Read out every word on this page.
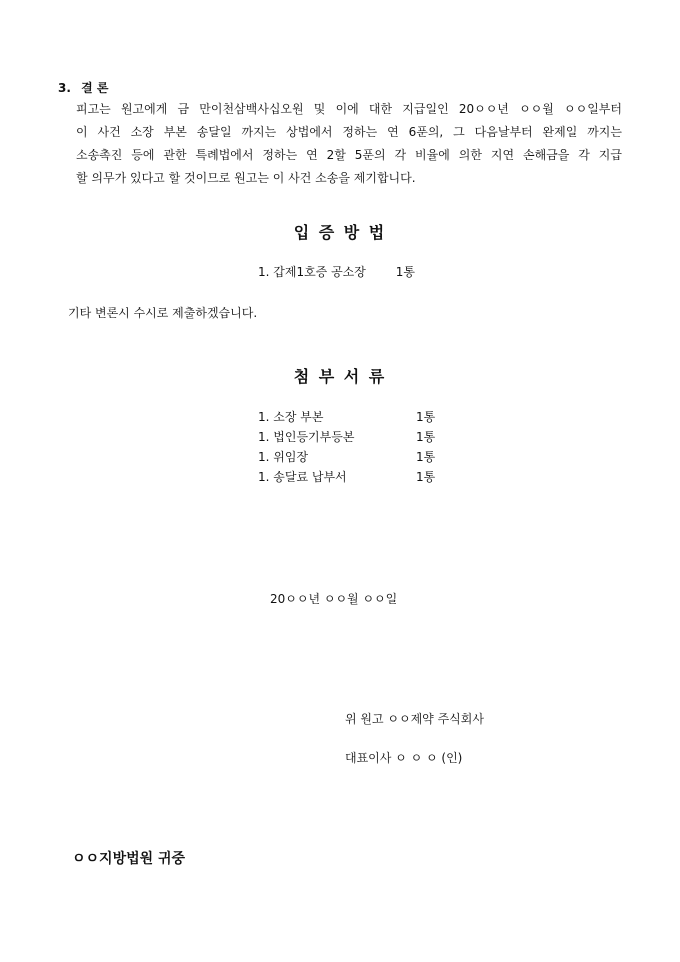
3. 결 론
피고는 원고에게 금 만이천삼백사십오원 및 이에 대한 지급일인 20ㅇㅇ년 ㅇㅇ월 ㅇㅇ일부터
이 사건 소장 부본 송달일 까지는 상법에서 정하는 연 6푼의, 그 다음날부터 완제일 까지는
소송촉진 등에 관한 특례법에서 정하는 연 2할 5푼의 각 비율에 의한 지연 손해금을 각 지급
할 의무가 있다고 할 것이므로 원고는 이 사건 소송을 제기합니다.
입 증 방 법
1. 갑제1호증 공소장 1통
기타 변론시 수시로 제출하겠습니다.
첨 부 서 류
1. 소장 부본	1통
1. 법인등기부등본	1통
1. 위임장	1통
1. 송달료 납부서	1통
20ㅇㅇ년 ㅇㅇ월 ㅇㅇ일
위 원고 ㅇㅇ제약 주식회사
대표이사 ㅇ ㅇ ㅇ (인)
ㅇㅇ지방법원 귀중
